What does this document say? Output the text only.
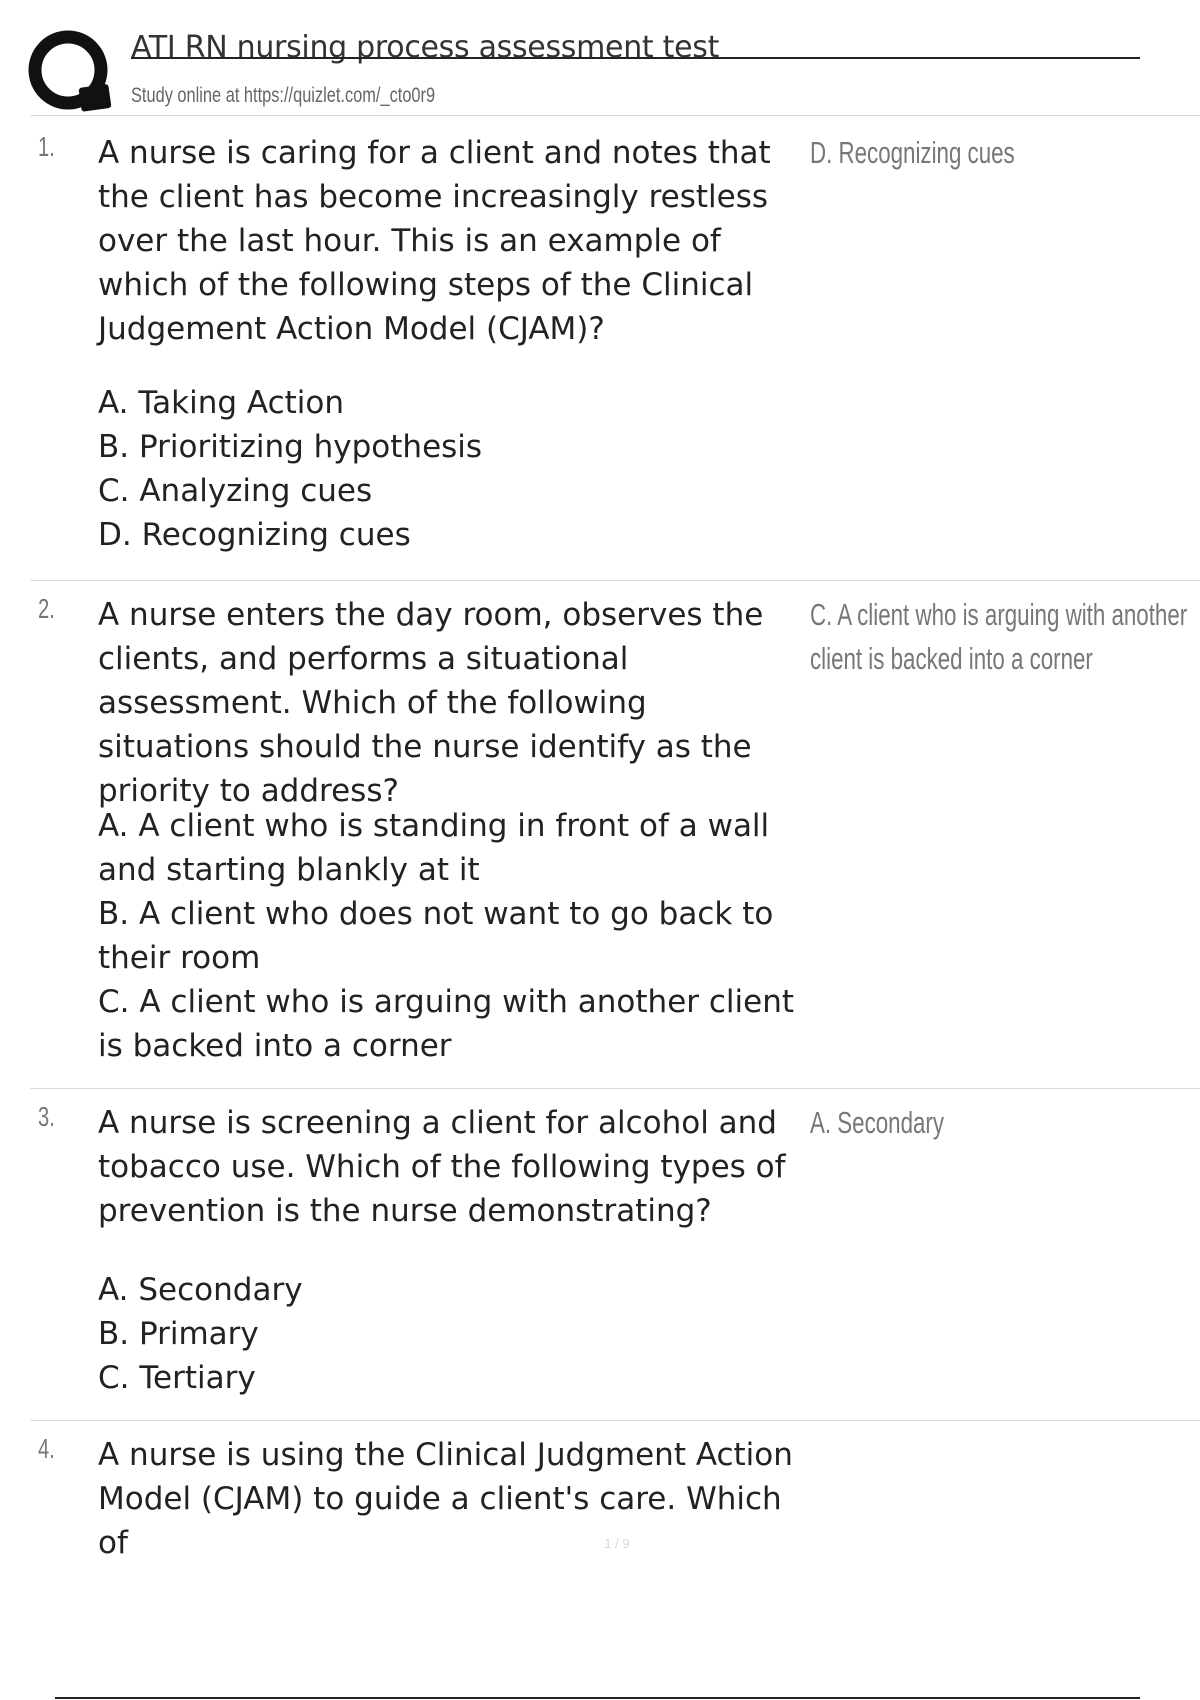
ATI RN nursing process assessment test
Study online at https://quizlet.com/_cto0r9
1. A nurse is caring for a client and notes that the client has become increasingly restless over the last hour. This is an example of which of the following steps of the Clinical Judgement Action Model (CJAM)?
A. Taking Action
B. Prioritizing hypothesis
C. Analyzing cues
D. Recognizing cues
D. Recognizing cues
2. A nurse enters the day room, observes the clients, and performs a situational assessment. Which of the following situations should the nurse identify as the priority to address?
A. A client who is standing in front of a wall and starting blankly at it
B. A client who does not want to go back to their room
C. A client who is arguing with another client is backed into a corner
C. A client who is arguing with another
client is backed into a corner
3. A nurse is screening a client for alcohol and tobacco use. Which of the following types of prevention is the nurse demonstrating?
A. Secondary
B. Primary
C. Tertiary
A. Secondary
4. A nurse is using the Clinical Judgment Action Model (CJAM) to guide a client's care. Which of	1 / 9
